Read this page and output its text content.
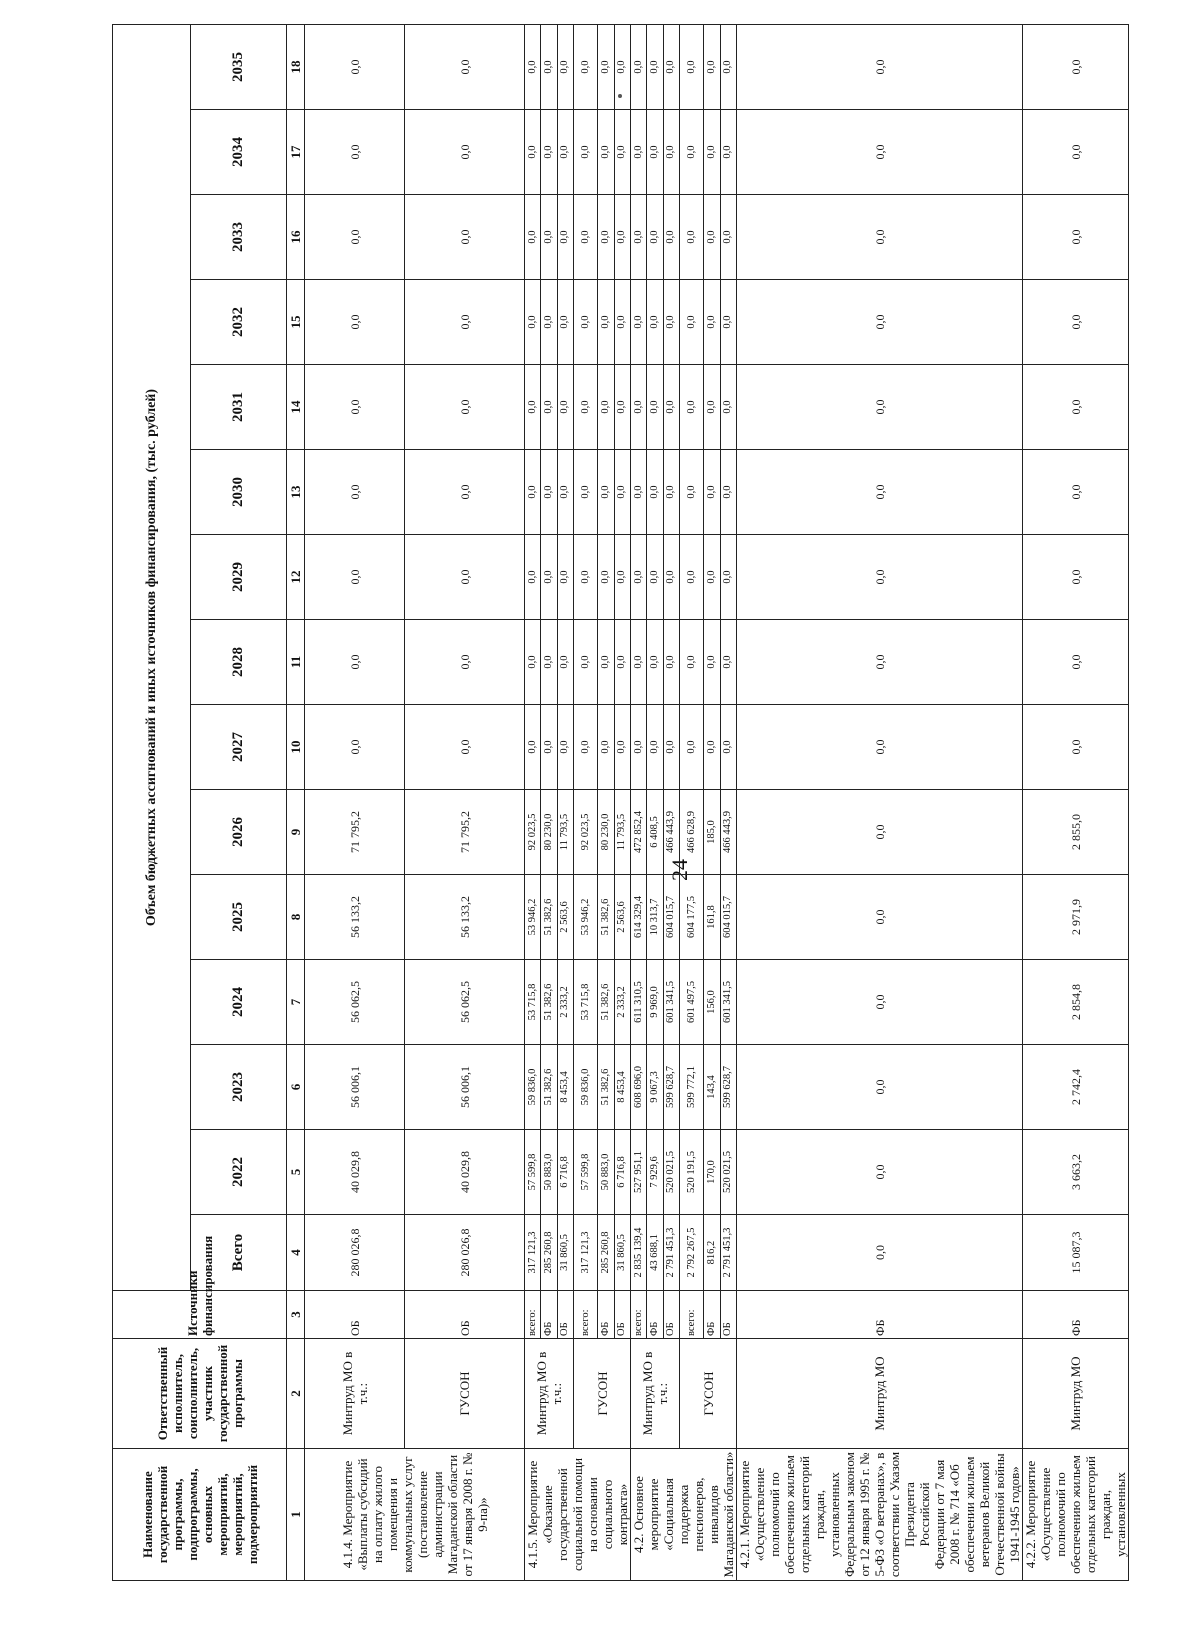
24
Наименование государственной программы, подпрограммы, основных мероприятий, мероприятий, подмероприятий	Ответственный исполнитель, соисполнитель, участник государственной программы	Источники финансирования	Объем бюджетных ассигнований и иных источников финансирования, (тыс. рублей)														
			Всего	2022	2023	2024	2025	2026	2027	2028	2029	2030	2031	2032	2033	2034	2035
1	2	3	4	5	6	7	8	9	10	11	12	13	14	15	16	17	18
4.1.4. Мероприятие «Выплаты субсидий на оплату жилого помещения и коммунальных услуг (постановление администрации Магаданской области от 17 января 2008 г. № 9-па)»	Минтруд МО в т.ч.:	ОБ	280 026,8	40 029,8	56 006,1	56 062,5	56 133,2	71 795,2	0,0	0,0	0,0	0,0	0,0	0,0	0,0	0,0	0,0
	ГУСОН	ОБ	280 026,8	40 029,8	56 006,1	56 062,5	56 133,2	71 795,2	0,0	0,0	0,0	0,0	0,0	0,0	0,0	0,0	0,0
4.1.5. Мероприятие «Оказание государственной социальной помощи на основании социального контракта»	Минтруд МО в т.ч.:	всего:	317 121,3	57 599,8	59 836,0	53 715,8	53 946,2	92 023,5	0,0	0,0	0,0	0,0	0,0	0,0	0,0	0,0	0,0
		ФБ	285 260,8	50 883,0	51 382,6	51 382,6	51 382,6	80 230,0	0,0	0,0	0,0	0,0	0,0	0,0	0,0	0,0	0,0
		ОБ	31 860,5	6 716,8	8 453,4	2 333,2	2 563,6	11 793,5	0,0	0,0	0,0	0,0	0,0	0,0	0,0	0,0	0,0
	ГУСОН	всего:	317 121,3	57 599,8	59 836,0	53 715,8	53 946,2	92 023,5	0,0	0,0	0,0	0,0	0,0	0,0	0,0	0,0	0,0
		ФБ	285 260,8	50 883,0	51 382,6	51 382,6	51 382,6	80 230,0	0,0	0,0	0,0	0,0	0,0	0,0	0,0	0,0	0,0
		ОБ	31 860,5	6 716,8	8 453,4	2 333,2	2 563,6	11 793,5	0,0	0,0	0,0	0,0	0,0	0,0	0,0	0,0	0,0
4.2. Основное мероприятие «Социальная поддержка пенсионеров, инвалидов Магаданской области»	Минтруд МО в т.ч.:	всего:	2 835 139,4	527 951,1	608 696,0	611 310,5	614 329,4	472 852,4	0,0	0,0	0,0	0,0	0,0	0,0	0,0	0,0	0,0
		ФБ	43 688,1	7 929,6	9 067,3	9 969,0	10 313,7	6 408,5	0,0	0,0	0,0	0,0	0,0	0,0	0,0	0,0	0,0
		ОБ	2 791 451,3	520 021,5	599 628,7	601 341,5	604 015,7	466 443,9	0,0	0,0	0,0	0,0	0,0	0,0	0,0	0,0	0,0
	ГУСОН	всего:	2 792 267,5	520 191,5	599 772,1	601 497,5	604 177,5	466 628,9	0,0	0,0	0,0	0,0	0,0	0,0	0,0	0,0	0,0
		ФБ	816,2	170,0	143,4	156,0	161,8	185,0	0,0	0,0	0,0	0,0	0,0	0,0	0,0	0,0	0,0
		ОБ	2 791 451,3	520 021,5	599 628,7	601 341,5	604 015,7	466 443,9	0,0	0,0	0,0	0,0	0,0	0,0	0,0	0,0	0,0
4.2.1. Мероприятие «Осуществление полномочий по обеспечению жильем отдельных категорий граждан, установленных Федеральным законом от 12 января 1995 г. № 5-ФЗ «О ветеранах», в соответствии с Указом Президента Российской Федерации от 7 мая 2008 г. № 714 «Об обеспечении жильем ветеранов Великой Отечественной войны 1941-1945 годов»	Минтруд МО	ФБ	0,0	0,0	0,0	0,0	0,0	0,0	0,0	0,0	0,0	0,0	0,0	0,0	0,0	0,0	0,0
4.2.2. Мероприятие «Осуществление полномочий по обеспечению жильем отдельных категорий граждан, установленных	Минтруд МО	ФБ	15 087,3	3 663,2	2 742,4	2 854,8	2 971,9	2 855,0	0,0	0,0	0,0	0,0	0,0	0,0	0,0	0,0	0,0
